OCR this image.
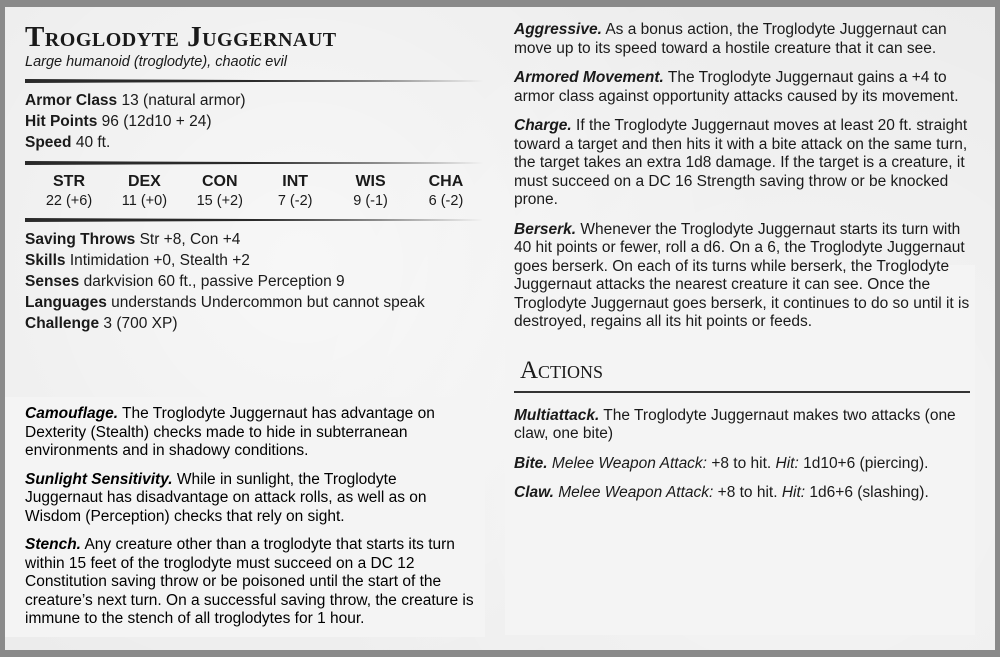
Troglodyte Juggernaut
Large humanoid (troglodyte), chaotic evil
Armor Class 13 (natural armor)
Hit Points 96 (12d10 + 24)
Speed 40 ft.
STR
22 (+6)
DEX
11 (+0)
CON
15 (+2)
INT
7 (-2)
WIS
9 (-1)
CHA
6 (-2)
Saving Throws Str +8, Con +4
Skills Intimidation +0, Stealth +2
Senses darkvision 60 ft., passive Perception 9
Languages understands Undercommon but cannot speak
Challenge 3 (700 XP)

Camouflage. The Troglodyte Juggernaut has advantage on Dexterity (Stealth) checks made to hide in subterranean environments and in shadowy conditions.

Sunlight Sensitivity. While in sunlight, the Troglodyte Juggernaut has disadvantage on attack rolls, as well as on Wisdom (Perception) checks that rely on sight.

Stench. Any creature other than a troglodyte that starts its turn within 15 feet of the troglodyte must succeed on a DC 12 Constitution saving throw or be poisoned until the start of the creature’s next turn. On a successful saving throw, the creature is immune to the stench of all troglodytes for 1 hour.

Aggressive. As a bonus action, the Troglodyte Juggernaut can move up to its speed toward a hostile creature that it can see.

Armored Movement. The Troglodyte Juggernaut gains a +4 to armor class against opportunity attacks caused by its movement.

Charge. If the Troglodyte Juggernaut moves at least 20 ft. straight toward a target and then hits it with a bite attack on the same turn, the target takes an extra 1d8 damage. If the target is a creature, it must succeed on a DC 16 Strength saving throw or be knocked prone.

Berserk. Whenever the Troglodyte Juggernaut starts its turn with 40 hit points or fewer, roll a d6. On a 6, the Troglodyte Juggernaut goes berserk. On each of its turns while berserk, the Troglodyte Juggernaut attacks the nearest creature it can see. Once the Troglodyte Juggernaut goes berserk, it continues to do so until it is destroyed, regains all its hit points or feeds.

Actions

Multiattack. The Troglodyte Juggernaut makes two attacks (one claw, one bite)

Bite. Melee Weapon Attack: +8 to hit. Hit: 1d10+6 (piercing).

Claw. Melee Weapon Attack: +8 to hit. Hit: 1d6+6 (slashing).
